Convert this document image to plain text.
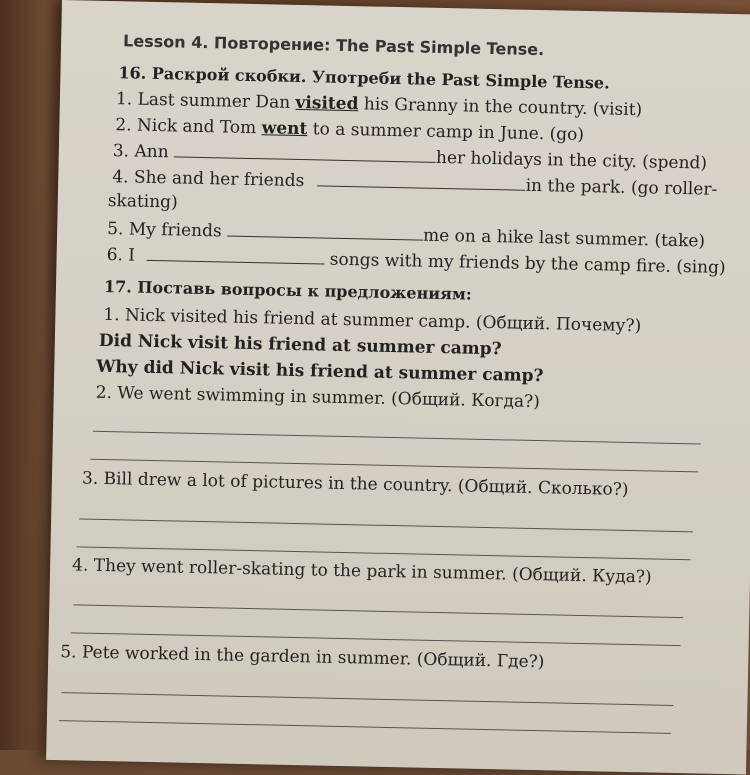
Lesson 4. Повторение: The Past Simple Tense.
16. Раскрой скобки. Употреби the Past Simple Tense.
1. Last summer Dan visited his Granny in the country. (visit)
2. Nick and Tom went to a summer camp in June. (go)
3. Ann	her holidays in the city. (spend)
4. She and her friends	in the park. (go roller-
skating)
5. My friends	me on a hike last summer. (take)
6. I	songs with my friends by the camp fire. (sing)
17. Поставь вопросы к предложениям:
1. Nick visited his friend at summer camp. (Общий. Почему?)
Did Nick visit his friend at summer camp?
Why did Nick visit his friend at summer camp?
2. We went swimming in summer. (Общий. Когда?)
3. Bill drew a lot of pictures in the country. (Общий. Сколько?)
4. They went roller-skating to the park in summer. (Общий. Куда?)
5. Pete worked in the garden in summer. (Общий. Где?)
